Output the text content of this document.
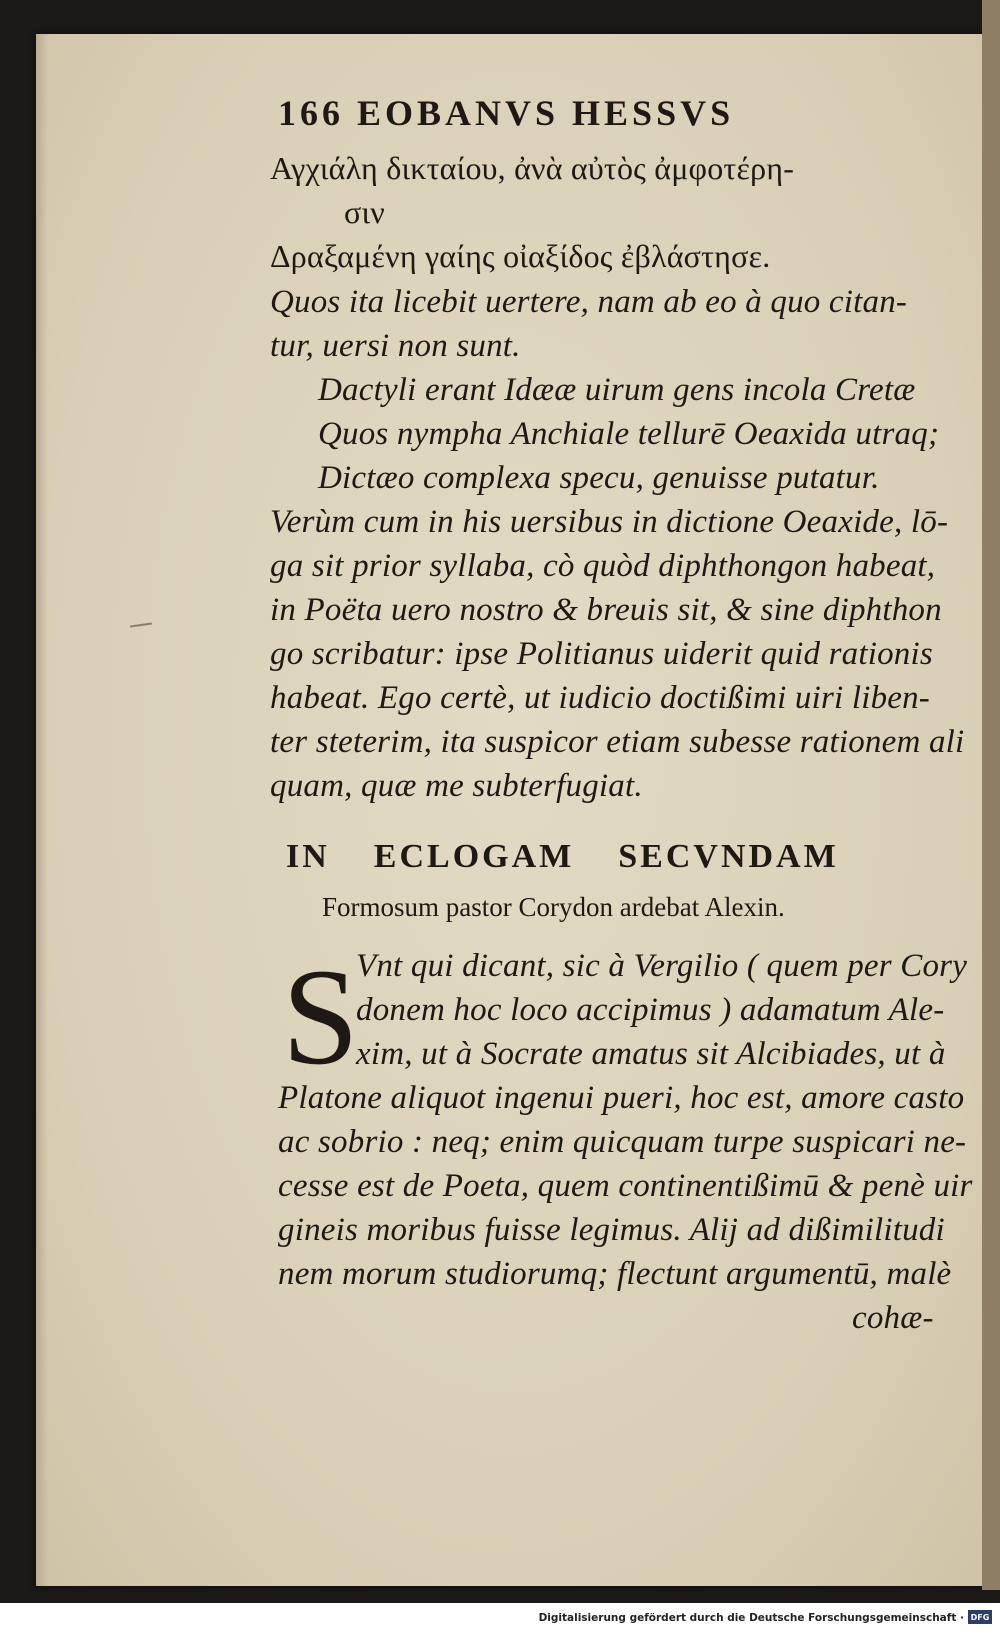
166 EOBANVS HESSVS
Αγχιάλη δικταίου, ἀνὰ αὐτὸς ἀμφοτέρη-
σιν
Δραξαμένη γαίης οἰαξίδος ἐβλάστησε.
Quos ita licebit uertere, nam ab eo à quo citan-
tur, uersi non sunt.
Dactyli erant Idææ uirum gens incola Cretæ
Quos nympha Anchiale tellurē Oeaxida utraq;
Dictæo complexa specu, genuisse putatur.
Verùm cum in his uersibus in dictione Oeaxide, lō-
ga sit prior syllaba, cò quòd diphthongon habeat,
in Poëta uero nostro & breuis sit, & sine diphthon
go scribatur: ipse Politianus uiderit quid rationis
habeat. Ego certè, ut iudicio doctißimi uiri liben-
ter steterim, ita suspicor etiam subesse rationem ali
quam, quæ me subterfugiat.
IN ECLOGAM SECVNDAM
Formosum pastor Corydon ardebat Alexin.
S
Vnt qui dicant, sic à Vergilio ( quem per Cory
donem hoc loco accipimus ) adamatum Ale-
xim, ut à Socrate amatus sit Alcibiades, ut à
Platone aliquot ingenui pueri, hoc est, amore casto
ac sobrio : neq; enim quicquam turpe suspicari ne-
cesse est de Poeta, quem continentißimū & penè uir
gineis moribus fuisse legimus. Alij ad dißimilitudi
nem morum studiorumq; flectunt argumentū, malè
cohæ-
Digitalisierung gefördert durch die Deutsche Forschungsgemeinschaft · DFG
